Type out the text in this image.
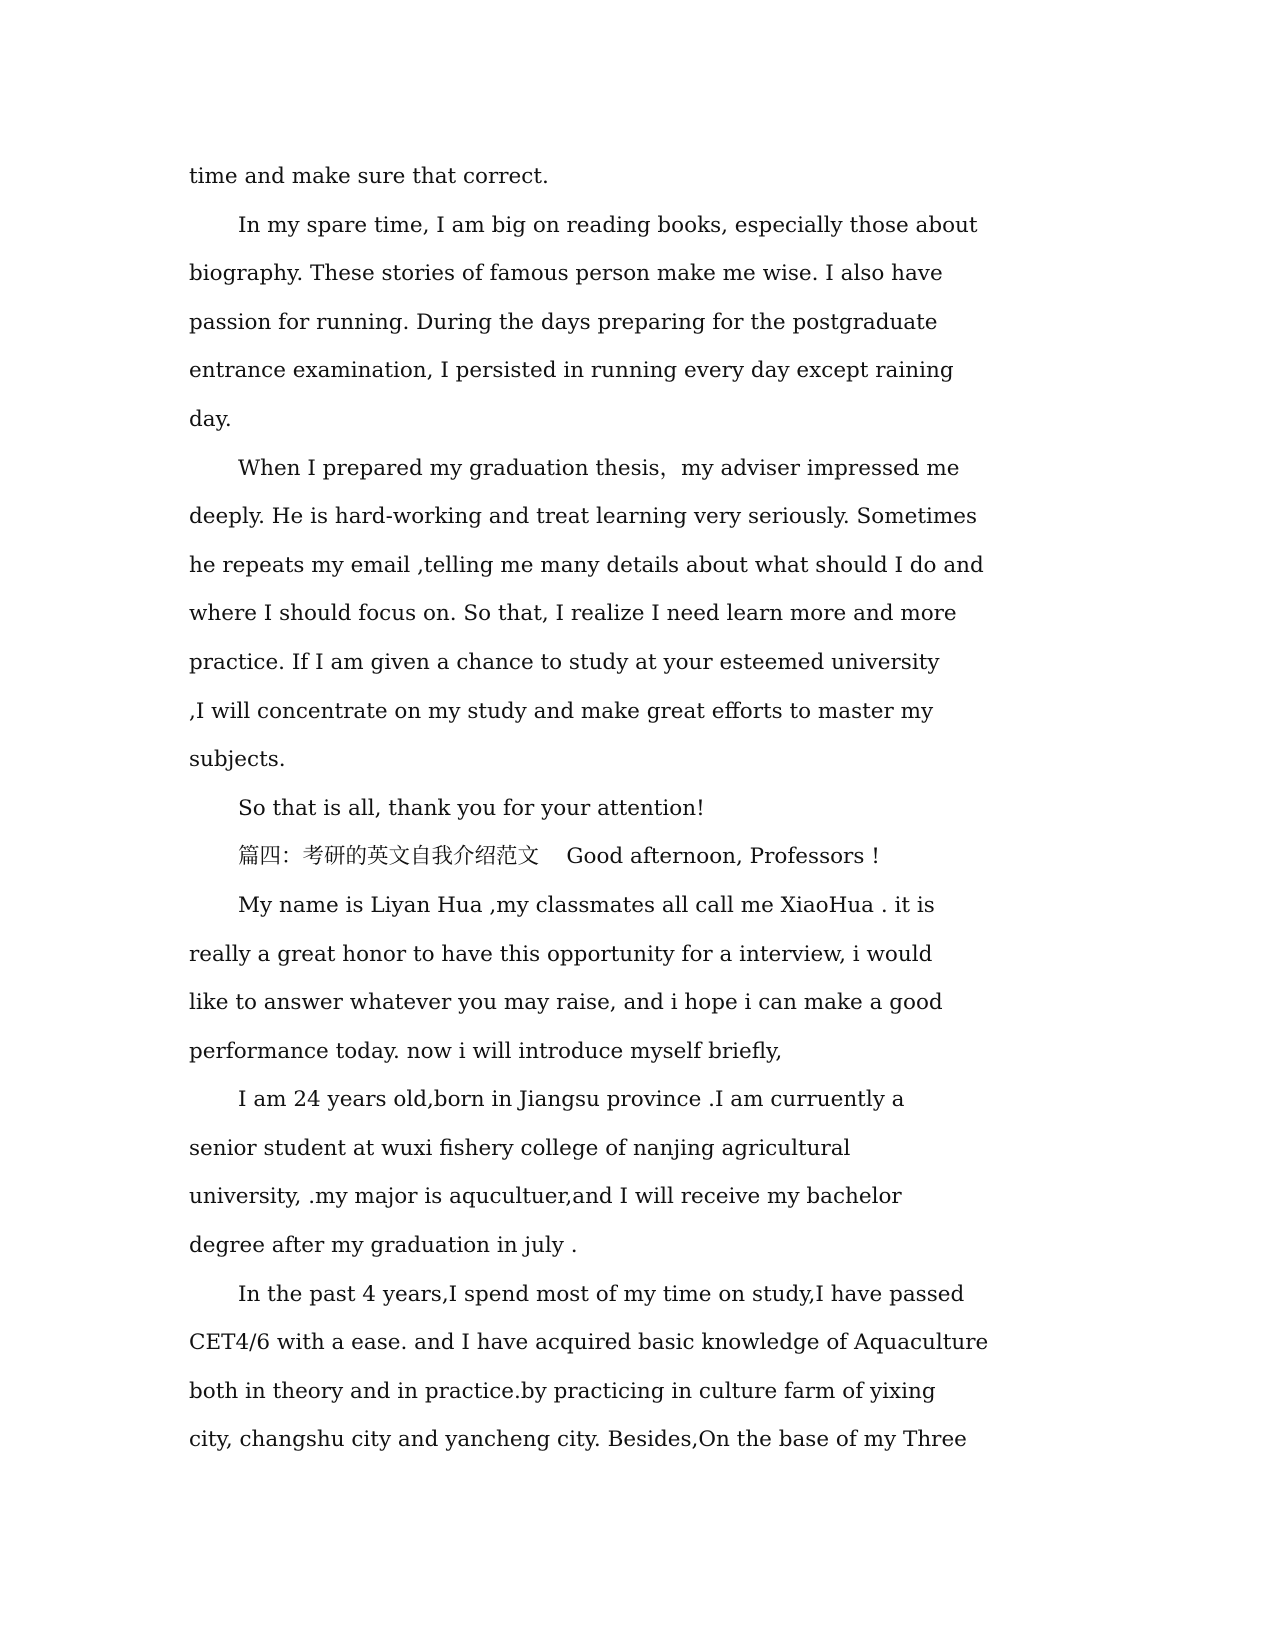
time and make sure that correct.
In my spare time, I am big on reading books, especially those about
biography. These stories of famous person make me wise. I also have
passion for running. During the days preparing for the postgraduate
entrance examination, I persisted in running every day except raining
day.
When I prepared my graduation thesis，my adviser impressed me
deeply. He is hard-working and treat learning very seriously. Sometimes
he repeats my email ,telling me many details about what should I do and
where I should focus on. So that, I realize I need learn more and more
practice. If I am given a chance to study at your esteemed university
,I will concentrate on my study and make great efforts to master my
subjects.
So that is all, thank you for your attention!
篇四：考研的英文自我介绍范文    Good afternoon, Professors !
My name is Liyan Hua ,my classmates all call me XiaoHua . it is
really a great honor to have this opportunity for a interview, i would
like to answer whatever you may raise, and i hope i can make a good
performance today. now i will introduce myself briefly,
I am 24 years old,born in Jiangsu province .I am curruently a
senior student at wuxi fishery college of nanjing agricultural
university, .my major is aqucultuer,and I will receive my bachelor
degree after my graduation in july .
In the past 4 years,I spend most of my time on study,I have passed
CET4/6 with a ease. and I have acquired basic knowledge of Aquaculture
both in theory and in practice.by practicing in culture farm of yixing
city, changshu city and yancheng city. Besides,On the base of my Three
